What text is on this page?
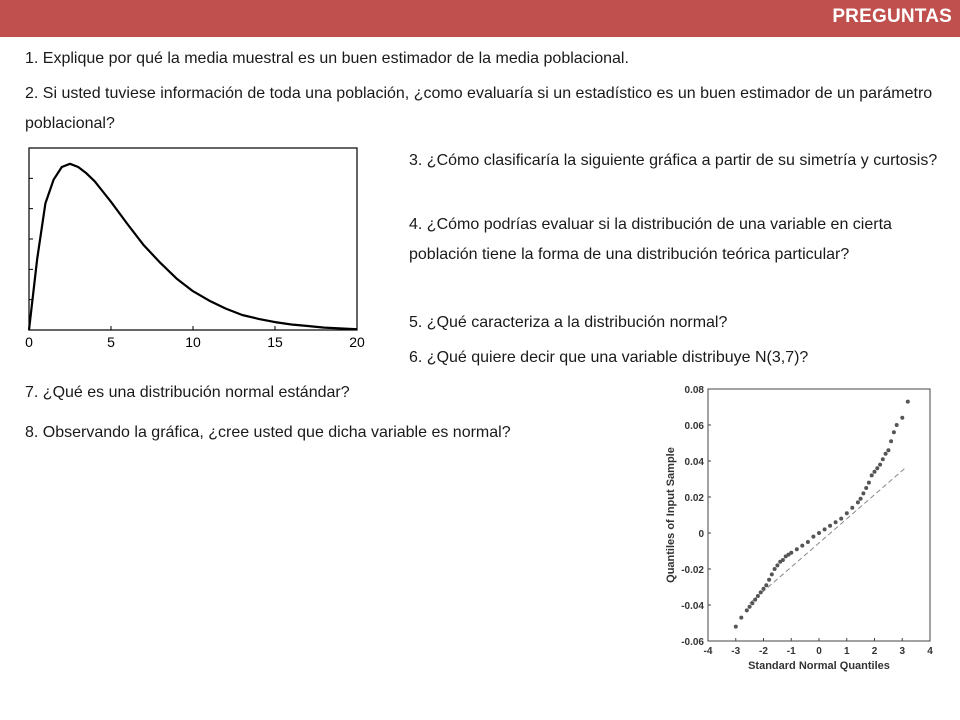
PREGUNTAS

1. Explique por qué la media muestral es un buen estimador de la media poblacional.

2. Si usted tuviese información de toda una población, ¿como evaluaría si un estadístico es un buen estimador de un parámetro poblacional?

3. ¿Cómo clasificaría la siguiente gráfica a partir de su simetría y curtosis?

4. ¿Cómo podrías evaluar si la distribución de una variable en cierta población tiene la forma de una distribución teórica particular?

5. ¿Qué caracteriza a la distribución normal?

6. ¿Qué quiere decir que una variable distribuye N(3,7)?

7. ¿Qué es una distribución normal estándar?

8. Observando la gráfica, ¿cree usted que dicha variable es normal?

0	5	10	15	20
0.08
0.06
0.04
0.02
0
-0.02
-0.04
-0.06
-4 -3 -2 -1 0 1 2 3 4
Standard Normal Quantiles
Quantiles of Input Sample
